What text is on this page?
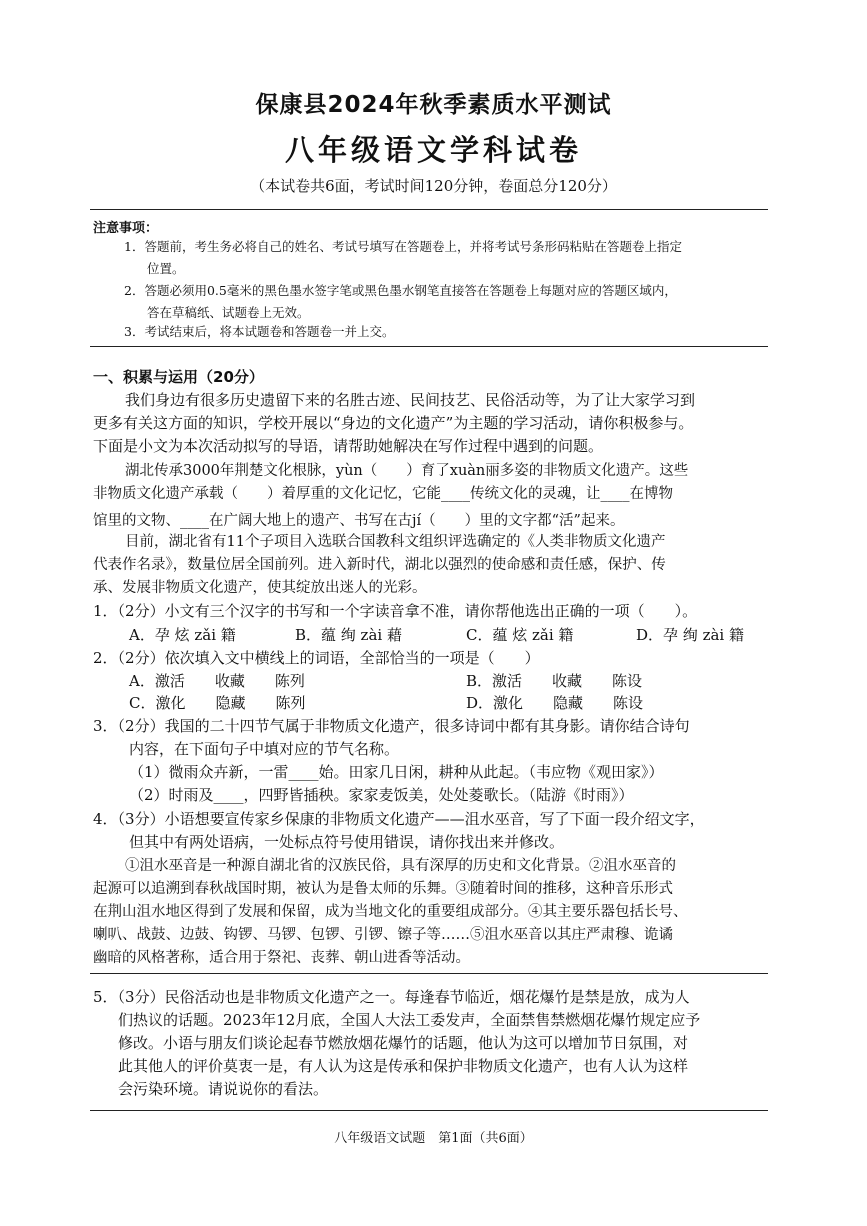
保康县2024年秋季素质水平测试
八年级语文学科试卷
（本试卷共6面，考试时间120分钟，卷面总分120分）
注意事项：
1．答题前，考生务必将自己的姓名、考试号填写在答题卷上，并将考试号条形码粘贴在答题卷上指定
位置。
2．答题必须用0.5毫米的黑色墨水签字笔或黑色墨水钢笔直接答在答题卷上每题对应的答题区域内，
答在草稿纸、试题卷上无效。
3．考试结束后，将本试题卷和答题卷一并上交。
一、积累与运用（20分）
我们身边有很多历史遗留下来的名胜古迹、民间技艺、民俗活动等，为了让大家学习到
更多有关这方面的知识，学校开展以“身边的文化遗产”为主题的学习活动，请你积极参与。
下面是小文为本次活动拟写的导语，请帮助她解决在写作过程中遇到的问题。
湖北传承3000年荆楚文化根脉，yùn（　　）育了xuàn丽多姿的非物质文化遗产。这些
非物质文化遗产承载（　　）着厚重的文化记忆，它能____传统文化的灵魂，让____在博物
馆里的文物、____在广阔大地上的遗产、书写在古jí（　　）里的文字都“活”起来。
目前，湖北省有11个子项目入选联合国教科文组织评选确定的《人类非物质文化遗产
代表作名录》，数量位居全国前列。进入新时代，湖北以强烈的使命感和责任感，保护、传
承、发展非物质文化遗产，使其绽放出迷人的光彩。
1．（2分）小文有三个汉字的书写和一个字读音拿不准，请你帮他选出正确的一项（　　）。
A．孕 炫 zǎi 籍	B．蕴 绚 zài 藉	C．蕴 炫 zǎi 籍	D．孕 绚 zài 籍
2．（2分）依次填入文中横线上的词语，全部恰当的一项是（　　）
A．激活　　收藏　　陈列	B．激活　　收藏　　陈设
C．激化　　隐藏　　陈列	D．激化　　隐藏　　陈设
3．（2分）我国的二十四节气属于非物质文化遗产，很多诗词中都有其身影。请你结合诗句
内容，在下面句子中填对应的节气名称。
（1）微雨众卉新，一雷____始。田家几日闲，耕种从此起。（韦应物《观田家》）
（2）时雨及____，四野皆插秧。家家麦饭美，处处菱歌长。（陆游《时雨》）
4．（3分）小语想要宣传家乡保康的非物质文化遗产——沮水巫音，写了下面一段介绍文字，
但其中有两处语病，一处标点符号使用错误，请你找出来并修改。
①沮水巫音是一种源自湖北省的汉族民俗，具有深厚的历史和文化背景。②沮水巫音的
起源可以追溯到春秋战国时期，被认为是鲁太师的乐舞。③随着时间的推移，这种音乐形式
在荆山沮水地区得到了发展和保留，成为当地文化的重要组成部分。④其主要乐器包括长号、
喇叭、战鼓、边鼓、钩锣、马锣、包锣、引锣、镲子等……⑤沮水巫音以其庄严肃穆、诡谲
幽暗的风格著称，适合用于祭祀、丧葬、朝山进香等活动。
5．（3分）民俗活动也是非物质文化遗产之一。每逢春节临近，烟花爆竹是禁是放，成为人
们热议的话题。2023年12月底，全国人大法工委发声，全面禁售禁燃烟花爆竹规定应予
修改。小语与朋友们谈论起春节燃放烟花爆竹的话题，他认为这可以增加节日氛围，对
此其他人的评价莫衷一是，有人认为这是传承和保护非物质文化遗产，也有人认为这样
会污染环境。请说说你的看法。
八年级语文试题　第1面（共6面）
